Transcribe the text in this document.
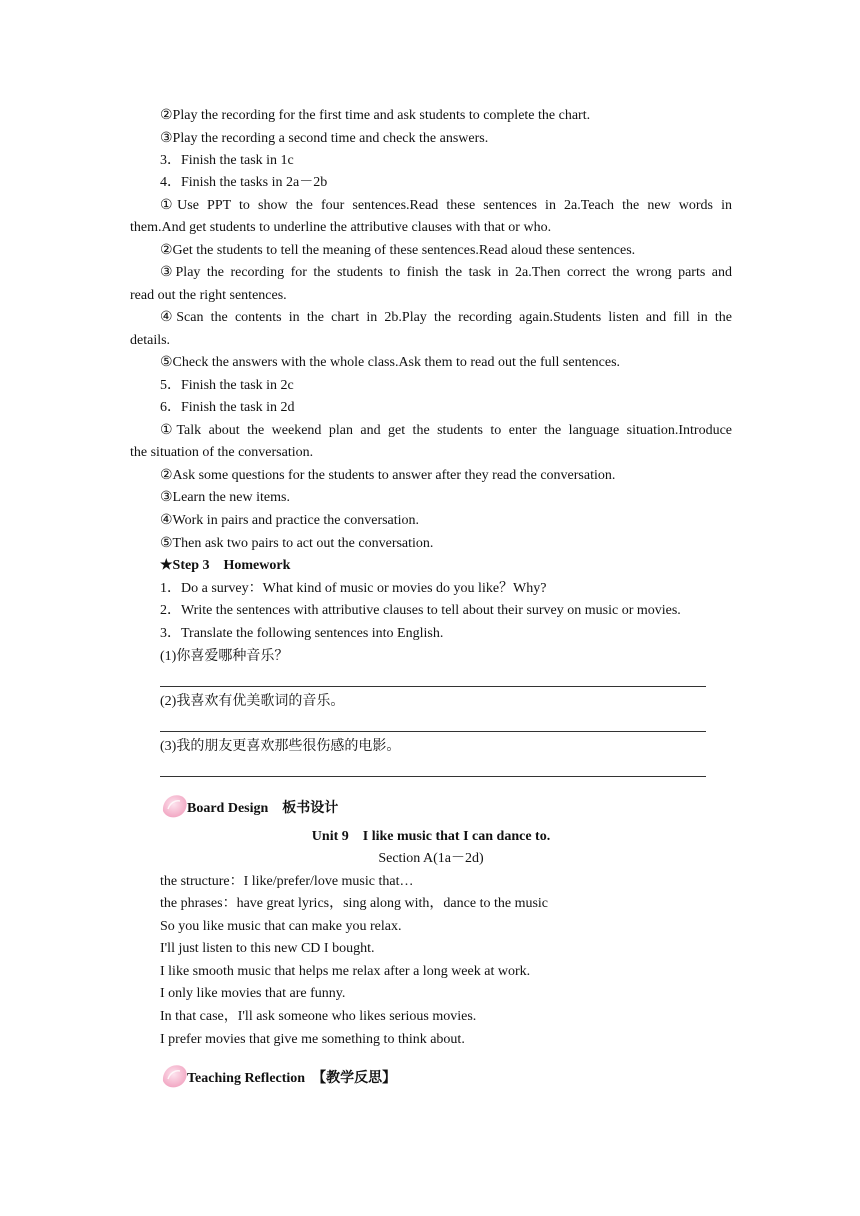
②Play the recording for the first time and ask students to complete the chart.
③Play the recording a second time and check the answers.
3．Finish the task in 1c
4．Finish the tasks in 2a－2b
①Use PPT to show the four sentences.Read these sentences in 2a.Teach the new words in
them.And get students to underline the attributive clauses with that or who.
②Get the students to tell the meaning of these sentences.Read aloud these sentences.
③Play the recording for the students to finish the task in 2a.Then correct the wrong parts and
read out the right sentences.
④Scan the contents in the chart in 2b.Play the recording again.Students listen and fill in the
details.
⑤Check the answers with the whole class.Ask them to read out the full sentences.
5．Finish the task in 2c
6．Finish the task in 2d
①Talk about the weekend plan and get the students to enter the language situation.Introduce
the situation of the conversation.
②Ask some questions for the students to answer after they read the conversation.
③Learn the new items.
④Work in pairs and practice the conversation.
⑤Then ask two pairs to act out the conversation.
★Step 3　Homework
1．Do a survey：What kind of music or movies do you like？Why?
2．Write the sentences with attributive clauses to tell about their survey on music or movies.
3．Translate the following sentences into English.
(1)你喜爱哪种音乐？
(2)我喜欢有优美歌词的音乐。
(3)我的朋友更喜欢那些很伤感的电影。
Board Design　板书设计
Unit 9　I like music that I can dance to.
Section A(1a－2d)
the structure：I like/prefer/love music that…
the phrases：have great lyrics，sing along with，dance to the music
So you like music that can make you relax.
I'll just listen to this new CD I bought.
I like smooth music that helps me relax after a long week at work.
I only like movies that are funny.
In that case，I'll ask someone who likes serious movies.
I prefer movies that give me something to think about.
Teaching Reflection　【教学反思】
